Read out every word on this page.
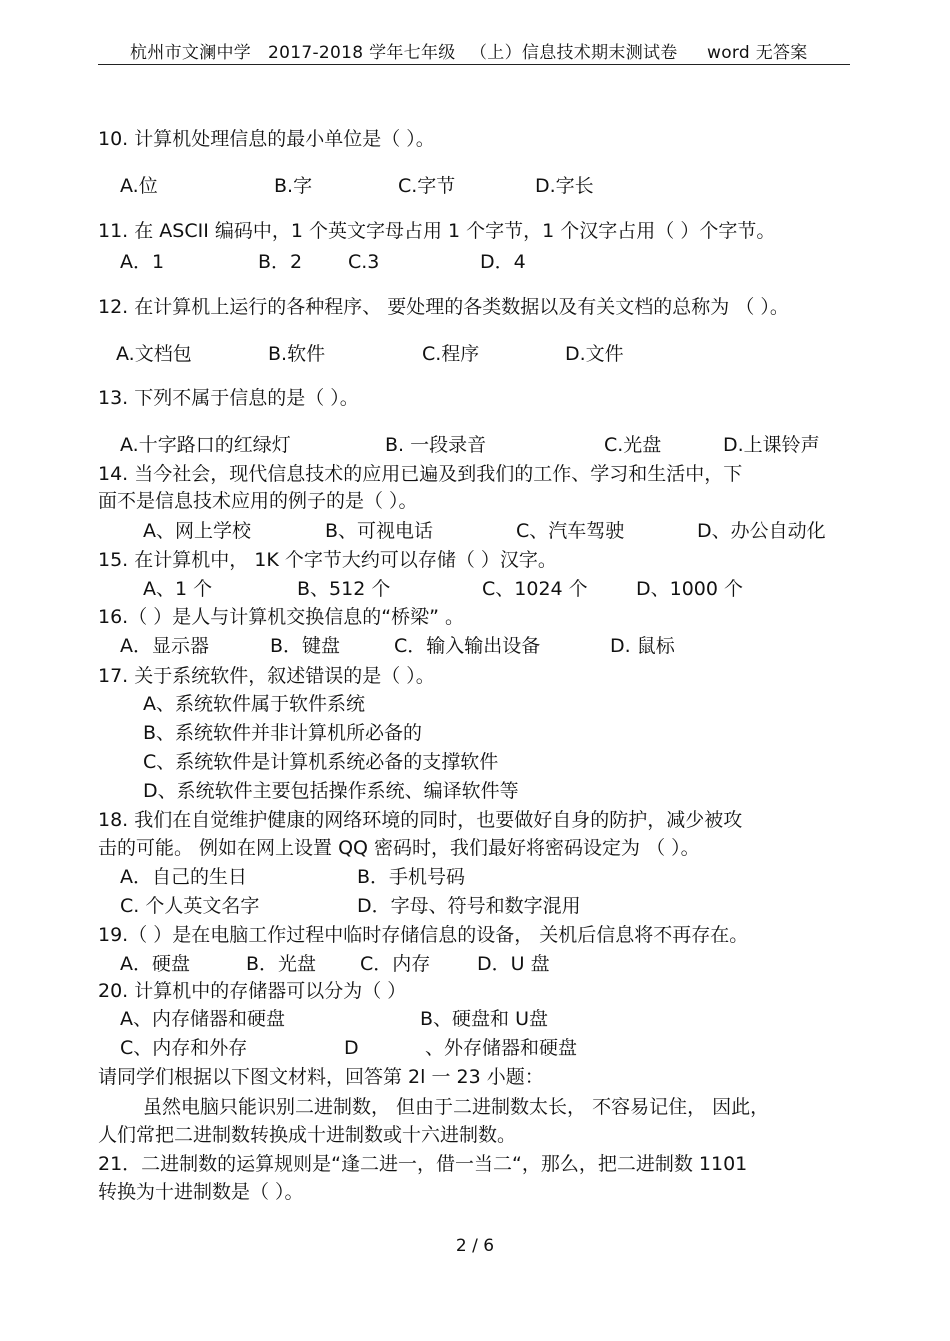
杭州市文澜中学 2017-2018 学年七年级 （上）信息技术期末测试卷 word 无答案
10. 计算机处理信息的最小单位是（ ）。
A.位	B.字	C.字节	D.字长
11. 在 ASCII 编码中，1 个英文字母占用 1 个字节，1 个汉字占用（ ）个字节。
A．1	B．2 C.3	D．4
12. 在计算机上运行的各种程序、 要处理的各类数据以及有关文档的总称为 （ ）。
A.文档包	B.软件	C.程序	D.文件
13. 下列不属于信息的是（ ）。
A.十字路口的红绿灯	B. 一段录音	C.光盘	D.上课铃声
14. 当今社会，现代信息技术的应用已遍及到我们的工作、学习和生活中，下
面不是信息技术应用的例子的是（ ）。
A、网上学校	B、可视电话	C、汽车驾驶	D、办公自动化
15. 在计算机中， 1K 个字节大约可以存储（ ）汉字。
A、1 个	B、512 个	C、1024 个	D、1000 个
16.（ ）是人与计算机交换信息的“桥梁” 。
A．显示器	B．键盘	C．输入输出设备	D. 鼠标
17. 关于系统软件，叙述错误的是（ ）。
A、系统软件属于软件系统
B、系统软件并非计算机所必备的
C、系统软件是计算机系统必备的支撑软件
D、系统软件主要包括操作系统、编译软件等
18. 我们在自觉维护健康的网络环境的同时，也要做好自身的防护，减少被攻
击的可能。 例如在网上设置 QQ 密码时，我们最好将密码设定为 （ ）。
A．自己的生日	B．手机号码
C. 个人英文名字	D．字母、符号和数字混用
19.（ ）是在电脑工作过程中临时存储信息的设备， 关机后信息将不再存在。
A．硬盘	B．光盘 C．内存 D．U 盘
20. 计算机中的存储器可以分为（ ）
A、内存储器和硬盘	B、硬盘和 U盘
C、内存和外存	D	、外存储器和硬盘
请同学们根据以下图文材料，回答第 2l 一 23 小题：
虽然电脑只能识别二进制数， 但由于二进制数太长， 不容易记住， 因此，
人们常把二进制数转换成十进制数或十六进制数。
21．二进制数的运算规则是“逢二进一，借一当二“，那么，把二进制数 1101
转换为十进制数是（ ）。
2 / 6
